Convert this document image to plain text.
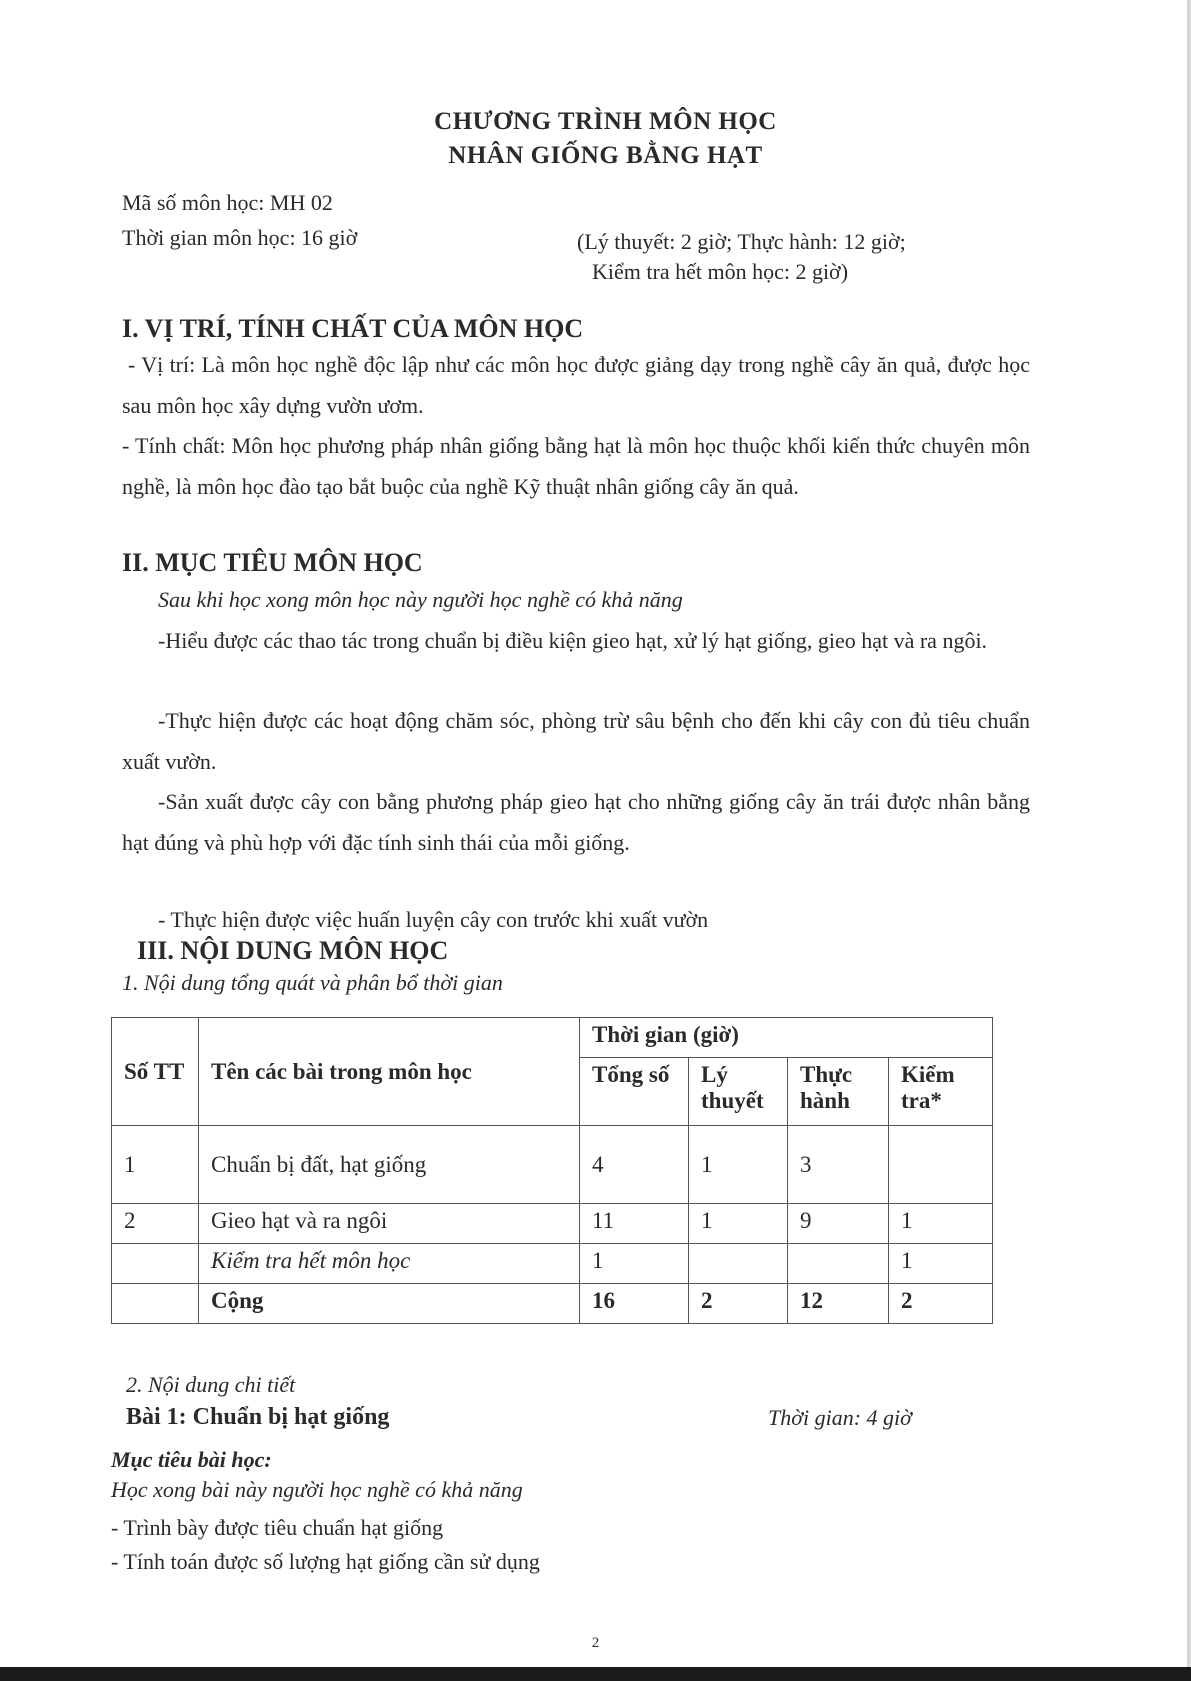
CHƯƠNG TRÌNH MÔN HỌC
NHÂN GIỐNG BẰNG HẠT
Mã số môn học: MH 02
Thời gian môn học: 16 giờ	(Lý thuyết: 2 giờ; Thực hành: 12 giờ;
Kiểm tra hết môn học: 2 giờ)
I. VỊ TRÍ, TÍNH CHẤT CỦA MÔN HỌC
- Vị trí: Là môn học nghề độc lập như các môn học được giảng dạy trong nghề cây ăn quả, được học sau môn học xây dựng vườn ươm.
- Tính chất: Môn học phương pháp nhân giống bằng hạt là môn học thuộc khối kiến thức chuyên môn nghề, là môn học đào tạo bắt buộc của nghề Kỹ thuật nhân giống cây ăn quả.
II. MỤC TIÊU MÔN HỌC
Sau khi học xong môn học này người học nghề có khả năng
-Hiểu được các thao tác trong chuẩn bị điều kiện gieo hạt, xử lý hạt giống, gieo hạt và ra ngôi.
-Thực hiện được các hoạt động chăm sóc, phòng trừ sâu bệnh cho đến khi cây con đủ tiêu chuẩn xuất vườn.
-Sản xuất được cây con bằng phương pháp gieo hạt cho những giống cây ăn trái được nhân bằng hạt đúng và phù hợp với đặc tính sinh thái của mỗi giống.
- Thực hiện được việc huấn luyện cây con trước khi xuất vườn
III. NỘI DUNG MÔN HỌC
1. Nội dung tổng quát và phân bổ thời gian
Số TT	Tên các bài trong môn học	Thời gian (giờ)			
		Tổng số	Lý thuyết	Thực hành	Kiểm tra*
1	Chuẩn bị đất, hạt giống	4	1	3	
2	Gieo hạt và ra ngôi	11	1	9	1
	Kiểm tra hết môn học	1			1
	Cộng	16	2	12	2
2. Nội dung chi tiết
Bài 1: Chuẩn bị hạt giống	Thời gian: 4 giờ
Mục tiêu bài học:
Học xong bài này người học nghề có khả năng
- Trình bày được tiêu chuẩn hạt giống
- Tính toán được số lượng hạt giống cần sử dụng
2
